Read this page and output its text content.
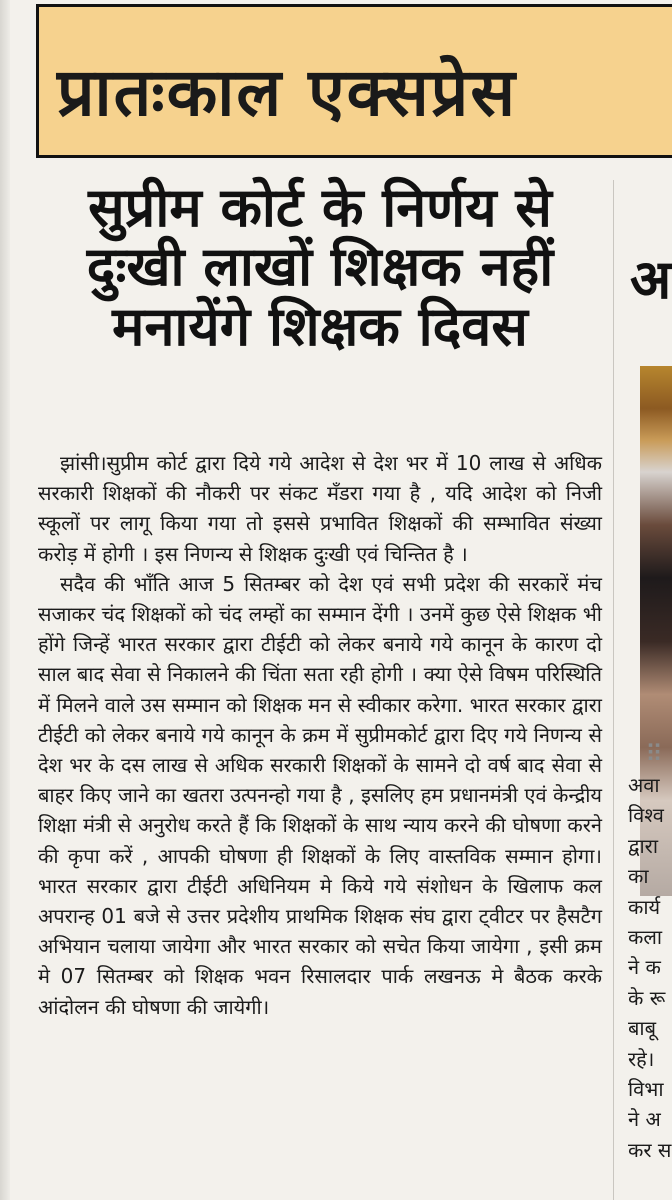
प्रातःकाल एक्सप्रेस
सुप्रीम कोर्ट के निर्णय से
दुःखी लाखों शिक्षक नहीं
मनायेंगे शिक्षक दिवस

झांसी।सुप्रीम कोर्ट द्वारा दिये गये आदेश से देश भर में 10 लाख से अधिक सरकारी शिक्षकों की नौकरी पर संकट मँडरा गया है , यदि आदेश को निजी स्कूलों पर लागू किया गया तो इससे प्रभावित शिक्षकों की सम्भावित संख्या करोड़ में होगी । इस निणन्य से शिक्षक दुःखी एवं चिन्तित है ।

सदैव की भाँति आज 5 सितम्बर को देश एवं सभी प्रदेश की सरकारें मंच सजाकर चंद शिक्षकों को चंद लम्हों का सम्मान देंगी । उनमें कुछ ऐसे शिक्षक भी होंगे जिन्हें भारत सरकार द्वारा टीईटी को लेकर बनाये गये कानून के कारण दो साल बाद सेवा से निकालने की चिंता सता रही होगी । क्या ऐसे विषम परिस्थिति में मिलने वाले उस सम्मान को शिक्षक मन से स्वीकार करेगा. भारत सरकार द्वारा टीईटी को लेकर बनाये गये कानून के क्रम में सुप्रीमकोर्ट द्वारा दिए गये निणन्य से देश भर के दस लाख से अधिक सरकारी शिक्षकों के सामने दो वर्ष बाद सेवा से बाहर किए जाने का खतरा उत्पनन्हो गया है , इसलिए हम प्रधानमंत्री एवं केन्द्रीय शिक्षा मंत्री से अनुरोध करते हैं कि शिक्षकों के साथ न्याय करने की घोषणा करने की कृपा करें , आपकी घोषणा ही शिक्षकों के लिए वास्तविक सम्मान होगा। भारत सरकार द्वारा टीईटी अधिनियम मे किये गये संशोधन के खिलाफ कल अपरान्ह 01 बजे से उत्तर प्रदेशीय प्राथमिक शिक्षक संघ द्वारा ट्वीटर पर हैसटैग अभियान चलाया जायेगा और भारत सरकार को सचेत किया जायेगा , इसी क्रम मे 07 सितम्बर को शिक्षक भवन रिसालदार पार्क लखनऊ मे बैठक करके आंदोलन की घोषणा की जायेगी।

अ
अवा
विश्व
द्वारा
का
कार्य
कला
ने क
के रू
बाबू
रहे।
विभा
ने अ
कर स
⠿
